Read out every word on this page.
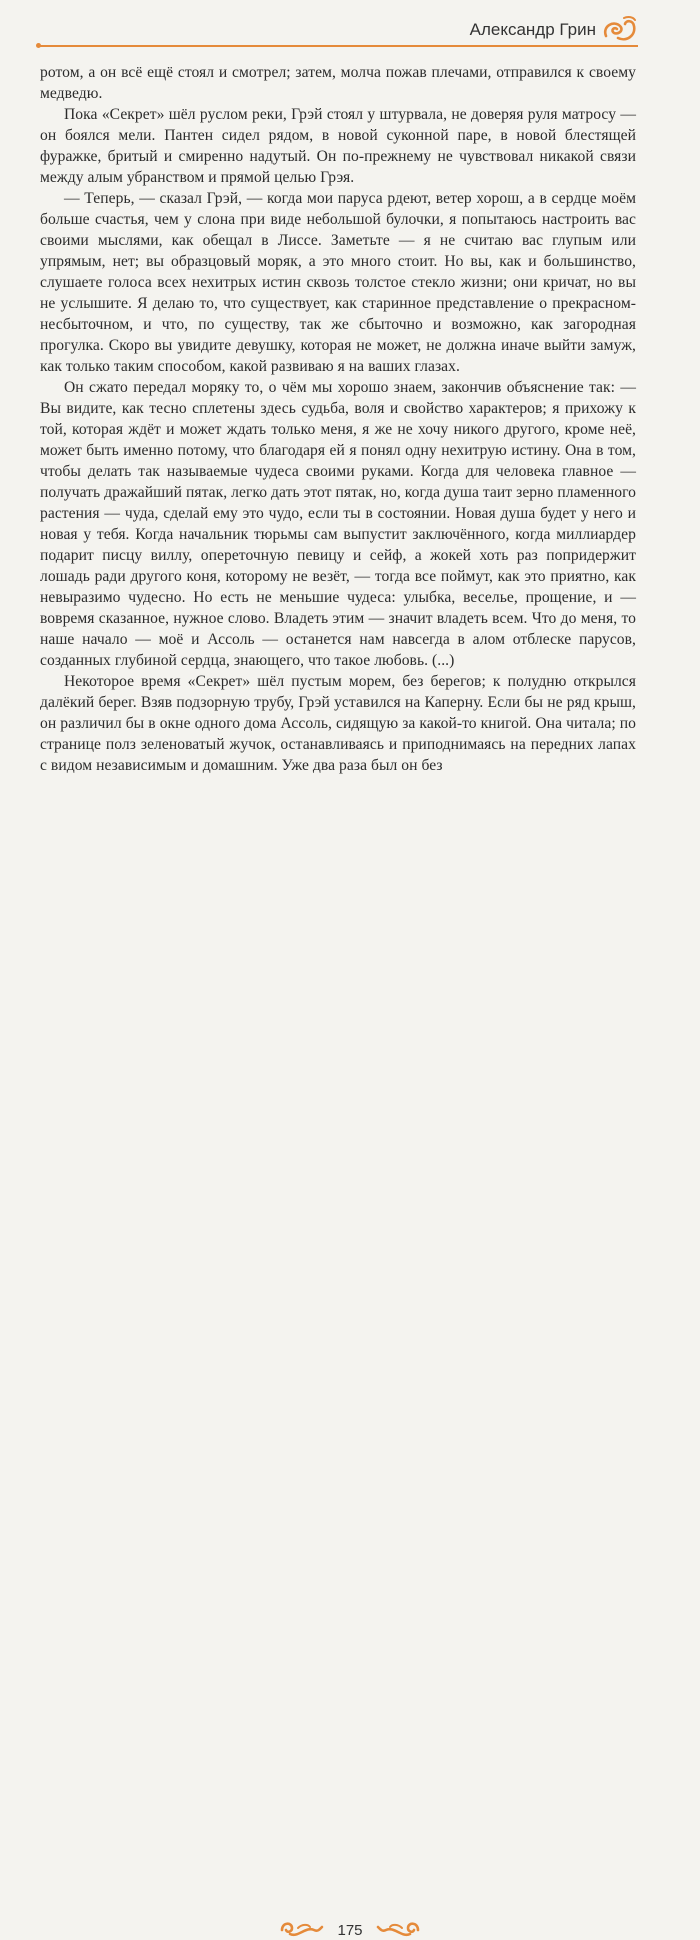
Александр Грин

ротом, а он всё ещё стоял и смотрел; затем, молча пожав плечами, отправился к своему медведю.

Пока «Секрет» шёл руслом реки, Грэй стоял у штурвала, не доверяя руля матросу — он боялся мели. Пантен сидел рядом, в новой суконной паре, в новой блестящей фуражке, бритый и смиренно надутый. Он по-прежнему не чувствовал никакой связи между алым убранством и прямой целью Грэя.

— Теперь, — сказал Грэй, — когда мои паруса рдеют, ветер хорош, а в сердце моём больше счастья, чем у слона при виде небольшой булочки, я попытаюсь настроить вас своими мыслями, как обещал в Лиссе. Заметьте — я не считаю вас глупым или упрямым, нет; вы образцовый моряк, а это много стоит. Но вы, как и большинство, слушаете голоса всех нехитрых истин сквозь толстое стекло жизни; они кричат, но вы не услышите. Я делаю то, что существует, как старинное представление о прекрасном-несбыточном, и что, по существу, так же сбыточно и возможно, как загородная прогулка. Скоро вы увидите девушку, которая не может, не должна иначе выйти замуж, как только таким способом, какой развиваю я на ваших глазах.

Он сжато передал моряку то, о чём мы хорошо знаем, закончив объяснение так: — Вы видите, как тесно сплетены здесь судьба, воля и свойство характеров; я прихожу к той, которая ждёт и может ждать только меня, я же не хочу никого другого, кроме неё, может быть именно потому, что благодаря ей я понял одну нехитрую истину. Она в том, чтобы делать так называемые чудеса своими руками. Когда для человека главное — получать дражайший пятак, легко дать этот пятак, но, когда душа таит зерно пламенного растения — чуда, сделай ему это чудо, если ты в состоянии. Новая душа будет у него и новая у тебя. Когда начальник тюрьмы сам выпустит заключённого, когда миллиардер подарит писцу виллу, опереточную певицу и сейф, а жокей хоть раз попридержит лошадь ради другого коня, которому не везёт, — тогда все поймут, как это приятно, как невыразимо чудесно. Но есть не меньшие чудеса: улыбка, веселье, прощение, и — вовремя сказанное, нужное слово. Владеть этим — значит владеть всем. Что до меня, то наше начало — моё и Ассоль — останется нам навсегда в алом отблеске парусов, созданных глубиной сердца, знающего, что такое любовь. (...)

Некоторое время «Секрет» шёл пустым морем, без берегов; к полудню открылся далёкий берег. Взяв подзорную трубу, Грэй уставился на Каперну. Если бы не ряд крыш, он различил бы в окне одного дома Ассоль, сидящую за какой-то книгой. Она читала; по странице полз зеленоватый жучок, останавливаясь и приподнимаясь на передних лапах с видом независимым и домашним. Уже два раза был он без

175
